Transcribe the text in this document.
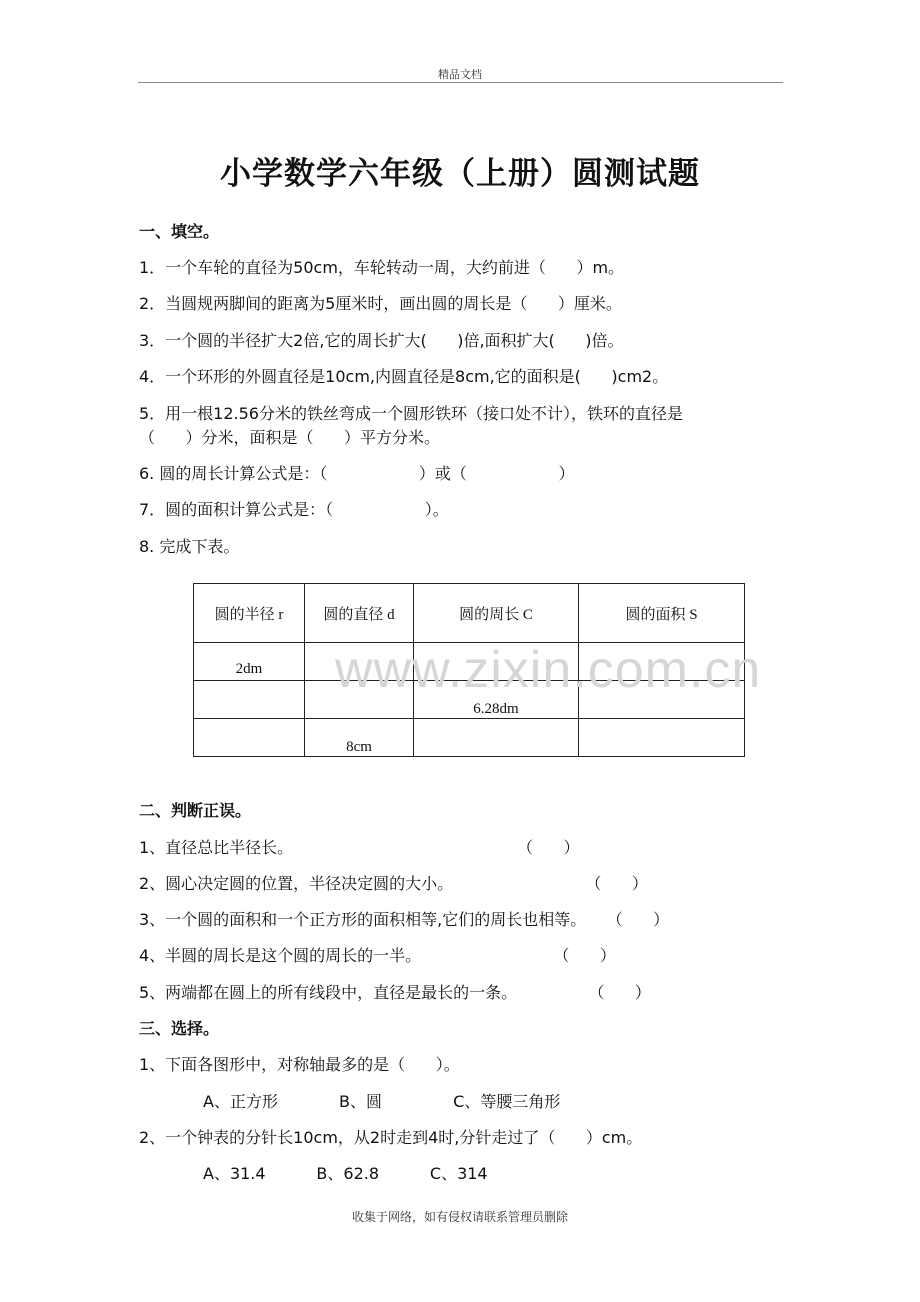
精品文档
小学数学六年级（上册）圆测试题
一、填空。
1．一个车轮的直径为50cm，车轮转动一周，大约前进（      ）m。
2．当圆规两脚间的距离为5厘米时，画出圆的周长是（      ）厘米。
3．一个圆的半径扩大2倍,它的周长扩大(      )倍,面积扩大(      )倍。
4．一个环形的外圆直径是10cm,内圆直径是8cm,它的面积是(      )cm2。
5．用一根12.56分米的铁丝弯成一个圆形铁环（接口处不计），铁环的直径是
（      ）分米，面积是（      ）平方分米。
6. 圆的周长计算公式是：（                  ）或（                  ）
7．圆的面积计算公式是：（                  ）。
8. 完成下表。
圆的半径 r	圆的直径 d	圆的周长 C	圆的面积 S
2dm			
		6.28dm	
	8cm		
www.zixin.com.cn
二、判断正误。
1、直径总比半径长。                                            （      ）
2、圆心决定圆的位置，半径决定圆的大小。                          （      ）
3、一个圆的面积和一个正方形的面积相等,它们的周长也相等。    （      ）
4、半圆的周长是这个圆的周长的一半。                          （      ）
5、两端都在圆上的所有线段中，直径是最长的一条。              （      ）
三、选择。
1、下面各图形中，对称轴最多的是（      ）。
A、正方形            B、圆              C、等腰三角形
2、一个钟表的分针长10cm，从2时走到4时,分针走过了（      ）cm。
A、31.4          B、62.8          C、314
收集于网络，如有侵权请联系管理员删除
